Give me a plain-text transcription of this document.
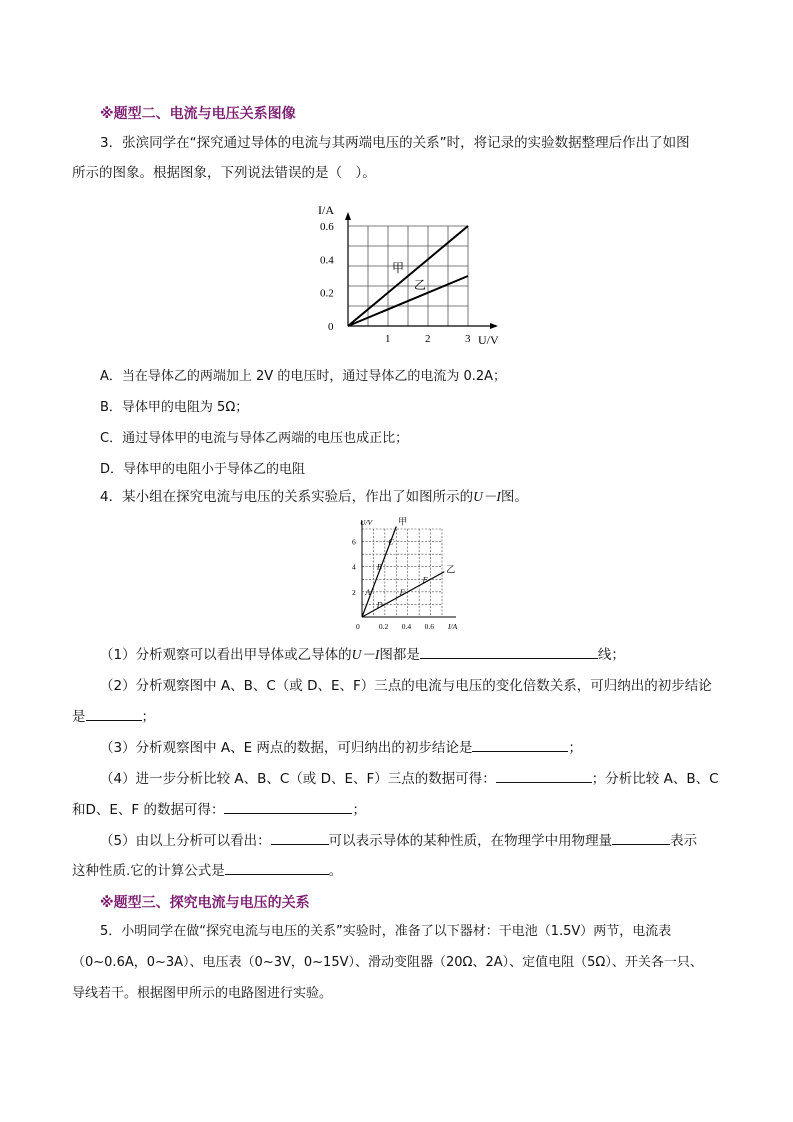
※题型二、电流与电压关系图像
3．张滨同学在“探究通过导体的电流与其两端电压的关系”时，将记录的实验数据整理后作出了如图
所示的图象。根据图象，下列说法错误的是（　）。
甲
乙
1	2	3
0.6
0.4
0.2
0
I/A
U/V
A．当在导体乙的两端加上 2V 的电压时，通过导体乙的电流为 0.2A；
B．导体甲的电阻为 5Ω；
C．通过导体甲的电流与导体乙两端的电压也成正比；
D．导体甲的电阻小于导体乙的电阻
4．某小组在探究电流与电压的关系实验后，作出了如图所示的U－I图。
甲
乙
A
B
C
D
E
F
0.2 0.4 0.6
6
4
2
0
U/V
I/A
（1）分析观察可以看出甲导体或乙导体的U－I图都是	线；
（2）分析观察图中 A、B、C（或 D、E、F）三点的电流与电压的变化倍数关系，可归纳出的初步结论
是	；
（3）分析观察图中 A、E 两点的数据，可归纳出的初步结论是	；
（4）进一步分析比较 A、B、C（或 D、E、F）三点的数据可得：	；分析比较 A、B、C
和D、E、F 的数据可得：	；
（5）由以上分析可以看出：	可以表示导体的某种性质，在物理学中用物理量	表示
这种性质.它的计算公式是	。
※题型三、探究电流与电压的关系
5．小明同学在做“探究电流与电压的关系”实验时，准备了以下器材：干电池（1.5V）两节，电流表
（0~0.6A，0~3A）、电压表（0~3V，0~15V）、滑动变阻器（20Ω、2A）、定值电阻（5Ω）、开关各一只、
导线若干。根据图甲所示的电路图进行实验。
